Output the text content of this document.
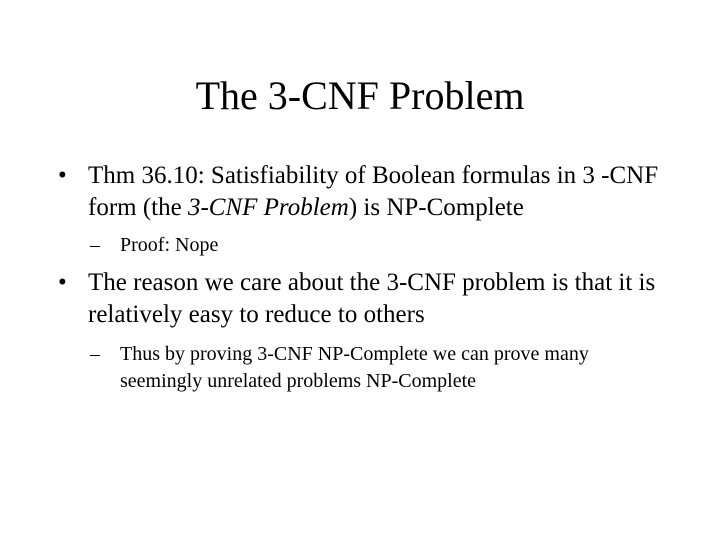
The 3-CNF Problem

• Thm 36.10: Satisfiability of Boolean formulas in 3 -CNF form (the 3-CNF Problem) is NP-Complete

– Proof: Nope

• The reason we care about the 3-CNF problem is that it is relatively easy to reduce to others

– Thus by proving 3-CNF NP-Complete we can prove many seemingly unrelated problems NP-Complete
